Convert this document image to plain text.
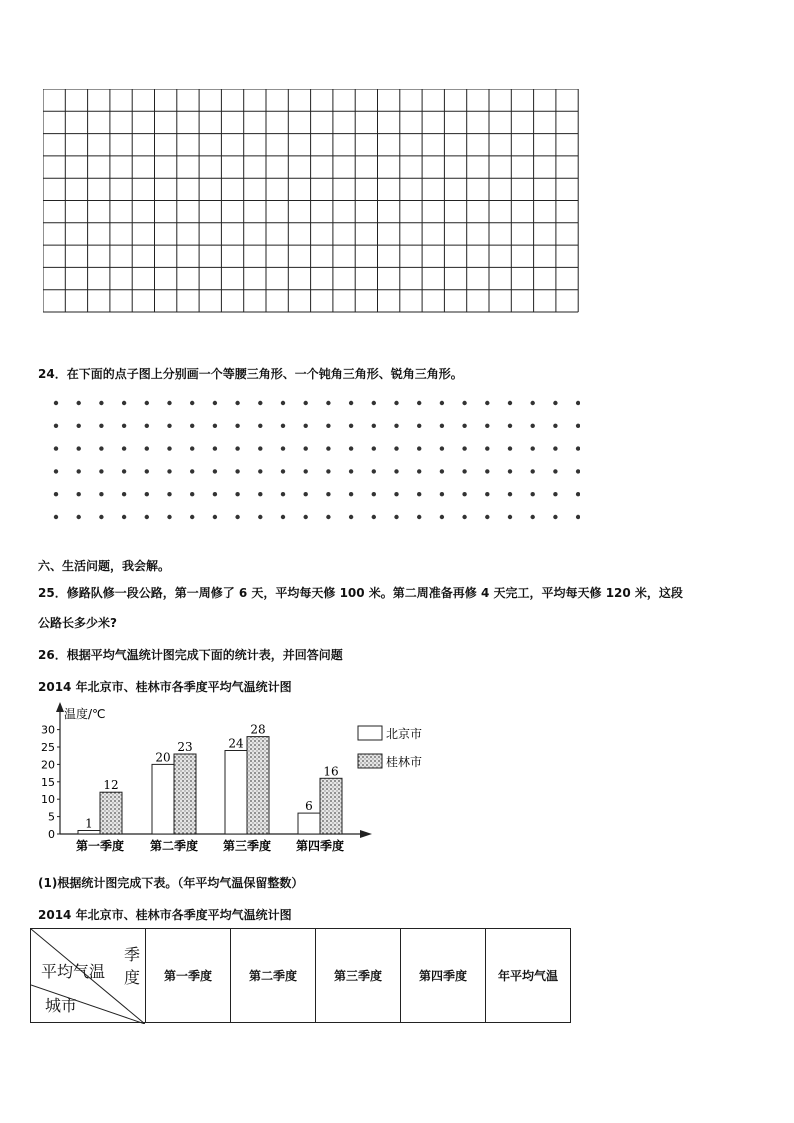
24．在下面的点子图上分别画一个等腰三角形、一个钝角三角形、锐角三角形。
六、生活问题，我会解。
25．修路队修一段公路，第一周修了 6 天，平均每天修 100 米。第二周准备再修 4 天完工，平均每天修 120 米，这段
公路长多少米?
26．根据平均气温统计图完成下面的统计表，并回答问题
2014 年北京市、桂林市各季度平均气温统计图
温度/℃
0
5
10
15
20
25
30
1
12
第一季度
20
23
第二季度
24
28
第三季度
6
16
第四季度
北京市
桂林市
(1)根据统计图完成下表。（年平均气温保留整数）
2014 年北京市、桂林市各季度平均气温统计图
季度
平均气温
城市
	第一季度	第二季度	第三季度	第四季度	年平均气温
